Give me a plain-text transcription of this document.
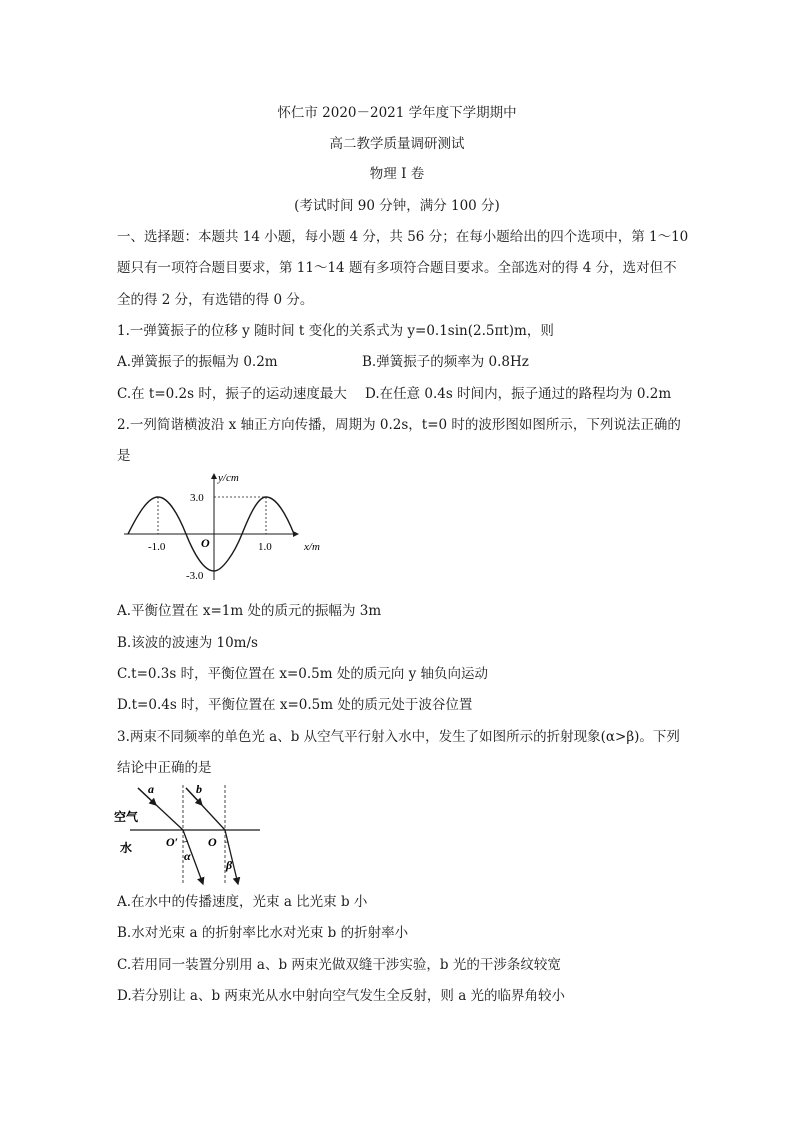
怀仁市 2020－2021 学年度下学期期中
高二教学质量调研测试
物理 I 卷
(考试时间 90 分钟，满分 100 分)
一、选择题：本题共 14 小题，每小题 4 分，共 56 分；在每小题给出的四个选项中，第 1～10
题只有一项符合题目要求，第 11～14 题有多项符合题目要求。全部选对的得 4 分，选对但不
全的得 2 分，有选错的得 0 分。
1.一弹簧振子的位移 y 随时间 t 变化的关系式为 y=0.1sin(2.5πt)m，则
A.弹簧振子的振幅为 0.2m	B.弹簧振子的频率为 0.8Hz
C.在 t=0.2s 时，振子的运动速度最大 D.在任意 0.4s 时间内，振子通过的路程均为 0.2m
2.一列简谐横波沿 x 轴正方向传播，周期为 0.2s，t=0 时的波形图如图所示，下列说法正确的
是
y/cm
x/m
O
3.0
-3.0
-1.0	1.0
A.平衡位置在 x=1m 处的质元的振幅为 3m
B.该波的波速为 10m/s
C.t=0.3s 时，平衡位置在 x=0.5m 处的质元向 y 轴负向运动
D.t=0.4s 时，平衡位置在 x=0.5m 处的质元处于波谷位置
3.两束不同频率的单色光 a、b 从空气平行射入水中，发生了如图所示的折射现象(α>β)。下列
结论中正确的是
a	b
空气
水	O′ O
α
β
A.在水中的传播速度，光束 a 比光束 b 小
B.水对光束 a 的折射率比水对光束 b 的折射率小
C.若用同一装置分别用 a、b 两束光做双缝干涉实验，b 光的干涉条纹较宽
D.若分别让 a、b 两束光从水中射向空气发生全反射，则 a 光的临界角较小
